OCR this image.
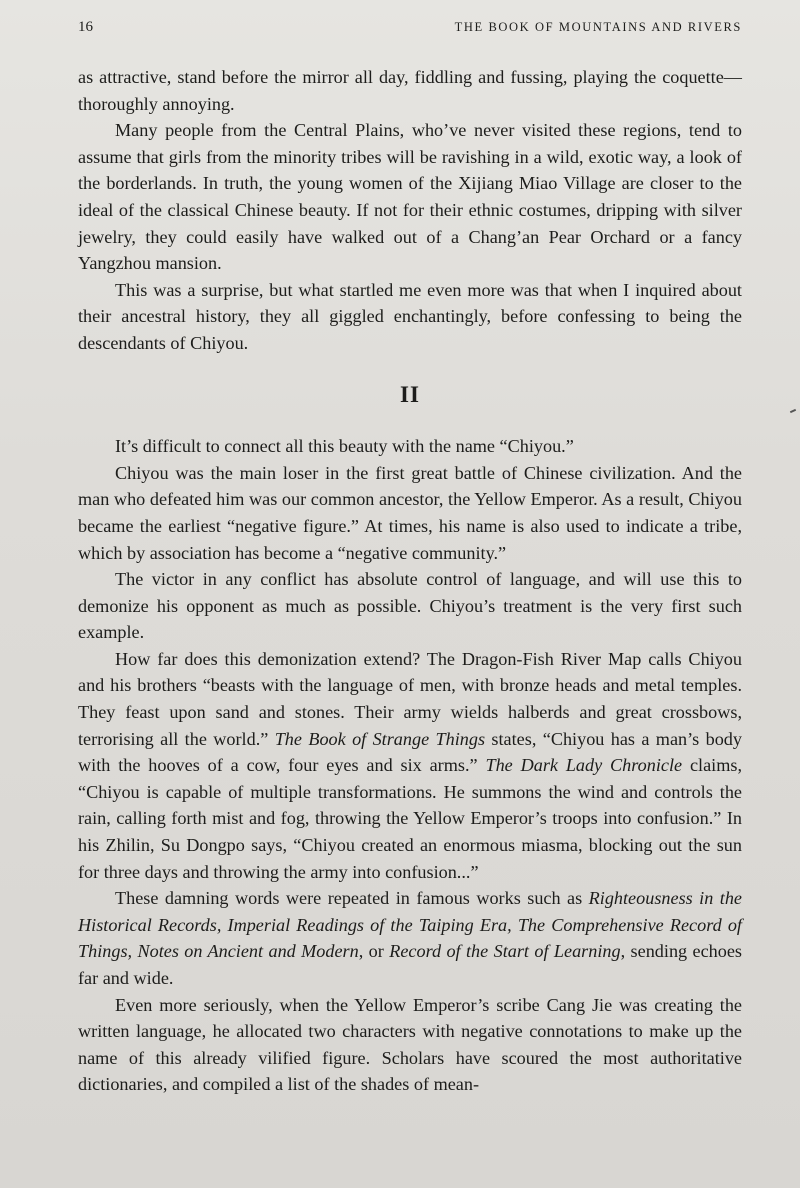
16	THE BOOK OF MOUNTAINS AND RIVERS

as attractive, stand before the mirror all day, fiddling and fussing, playing the coquette—thoroughly annoying.

Many people from the Central Plains, who’ve never visited these regions, tend to assume that girls from the minority tribes will be ravishing in a wild, exotic way, a look of the borderlands. In truth, the young women of the Xijiang Miao Village are closer to the ideal of the classical Chinese beauty. If not for their ethnic costumes, dripping with silver jewelry, they could easily have walked out of a Chang’an Pear Orchard or a fancy Yangzhou mansion.

This was a surprise, but what startled me even more was that when I inquired about their ancestral history, they all giggled enchantingly, before confessing to being the descendants of Chiyou.

II

It’s difficult to connect all this beauty with the name “Chiyou.”

Chiyou was the main loser in the first great battle of Chinese civilization. And the man who defeated him was our common ancestor, the Yellow Emperor. As a result, Chiyou became the earliest “negative figure.” At times, his name is also used to indicate a tribe, which by association has become a “negative community.”

The victor in any conflict has absolute control of language, and will use this to demonize his opponent as much as possible. Chiyou’s treatment is the very first such example.

How far does this demonization extend? The Dragon-Fish River Map calls Chiyou and his brothers “beasts with the language of men, with bronze heads and metal temples. They feast upon sand and stones. Their army wields halberds and great crossbows, terrorising all the world.” The Book of Strange Things states, “Chiyou has a man’s body with the hooves of a cow, four eyes and six arms.” The Dark Lady Chronicle claims, “Chiyou is capable of multiple transformations. He summons the wind and controls the rain, calling forth mist and fog, throwing the Yellow Emperor’s troops into confusion.” In his Zhilin, Su Dongpo says, “Chiyou created an enormous miasma, blocking out the sun for three days and throwing the army into confusion...”

These damning words were repeated in famous works such as Righteousness in the Historical Records, Imperial Readings of the Taiping Era, The Comprehensive Record of Things, Notes on Ancient and Modern, or Record of the Start of Learning, sending echoes far and wide.

Even more seriously, when the Yellow Emperor’s scribe Cang Jie was creating the written language, he allocated two characters with negative connotations to make up the name of this already vilified figure. Scholars have scoured the most authoritative dictionaries, and compiled a list of the shades of mean-
